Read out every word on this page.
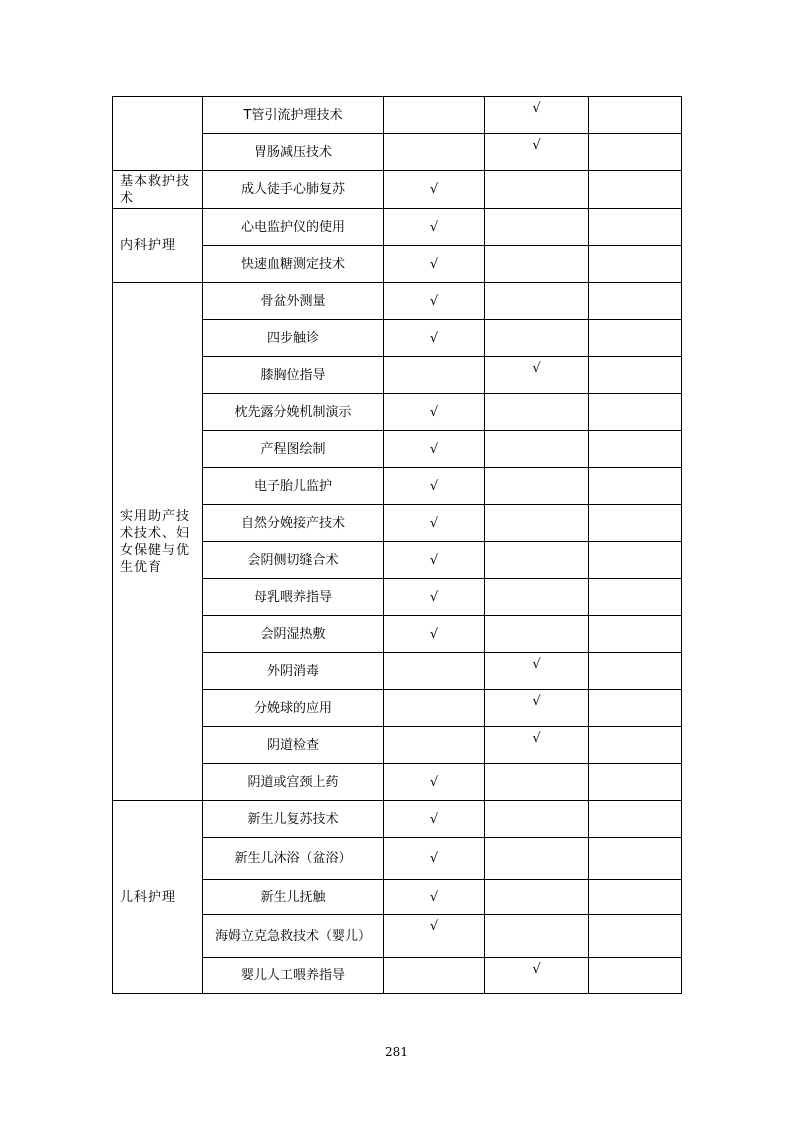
	T管引流护理技术		√	
	胃肠减压技术		√	
基本救护技术	成人徒手心肺复苏	√		
内科护理	心电监护仪的使用	√		
	快速血糖测定技术	√		
实用助产技术技术、妇女保健与优生优育	骨盆外测量	√		
	四步触诊	√		
	膝胸位指导		√	
	枕先露分娩机制演示	√		
	产程图绘制	√		
	电子胎儿监护	√		
	自然分娩接产技术	√		
	会阴侧切缝合术	√		
	母乳喂养指导	√		
	会阴湿热敷	√		
	外阴消毒		√	
	分娩球的应用		√	
	阴道检查		√	
	阴道或宫颈上药	√		
儿科护理	新生儿复苏技术	√		
	新生儿沐浴（盆浴）	√		
	新生儿抚触	√		
	海姆立克急救技术（婴儿）	√		
	婴儿人工喂养指导		√	
281
